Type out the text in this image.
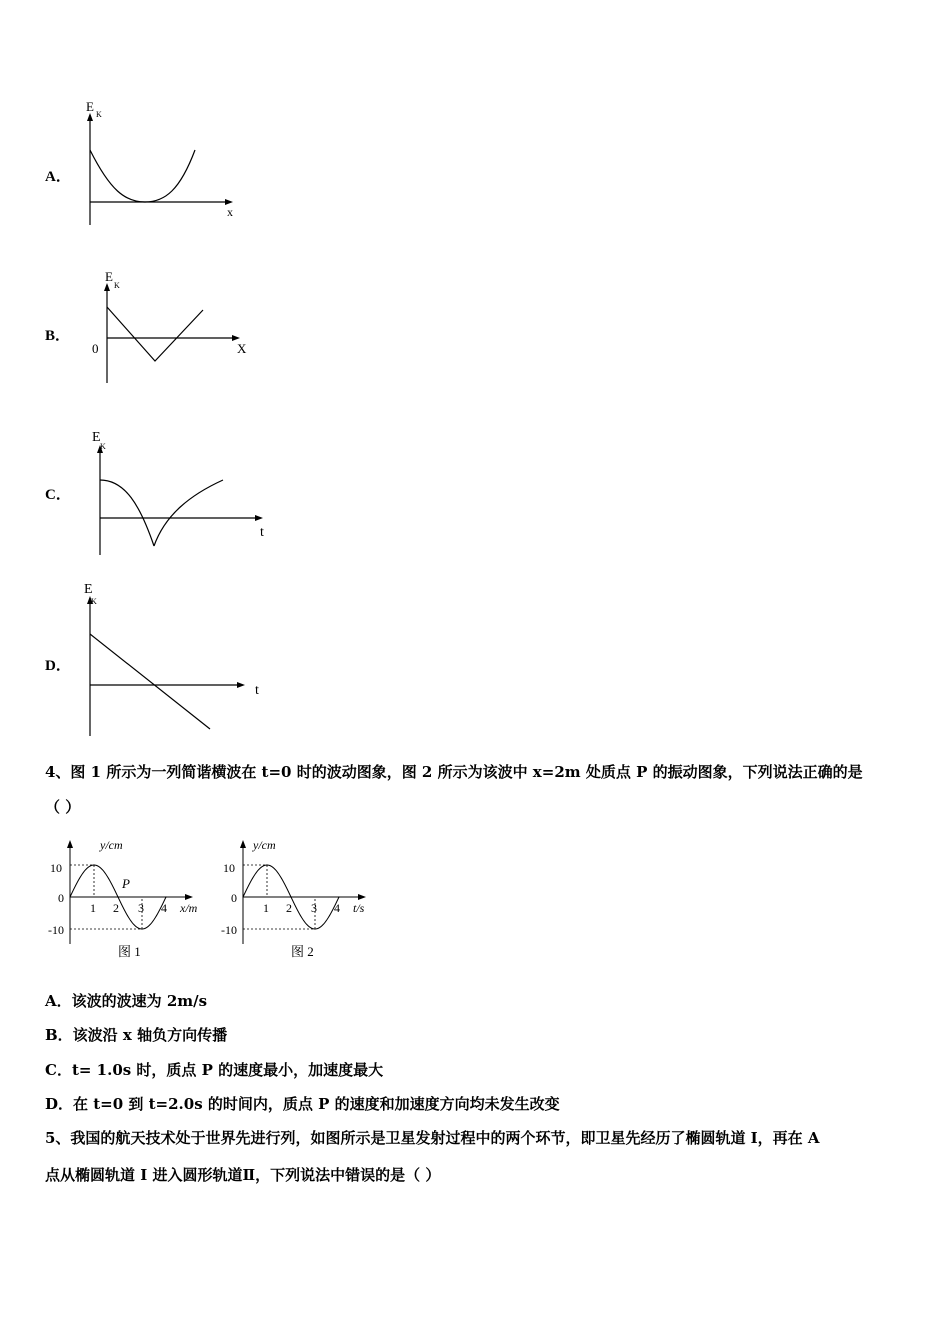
A．
E
K
x
B．
E
K
0	X
C．
E
K
t
D．
E
K
t
4、图 1 所示为一列简谐横波在 t=0 时的波动图象，图 2 所示为该波中 x=2m 处质点 P 的振动图象，下列说法正确的是
（ ）
y/cm
x/m
10
0
-10
1 2 3 4
P
图 1
y/cm
t/s
10
0
-10
1 2 3 4
图 2
A．该波的波速为 2m/s
B．该波沿 x 轴负方向传播
C．t= 1.0s 时，质点 P 的速度最小，加速度最大
D．在 t=0 到 t=2.0s 的时间内，质点 P 的速度和加速度方向均未发生改变
5、我国的航天技术处于世界先进行列，如图所示是卫星发射过程中的两个环节，即卫星先经历了椭圆轨道 I，再在 A
点从椭圆轨道 I 进入圆形轨道Ⅱ，下列说法中错误的是（ ）
